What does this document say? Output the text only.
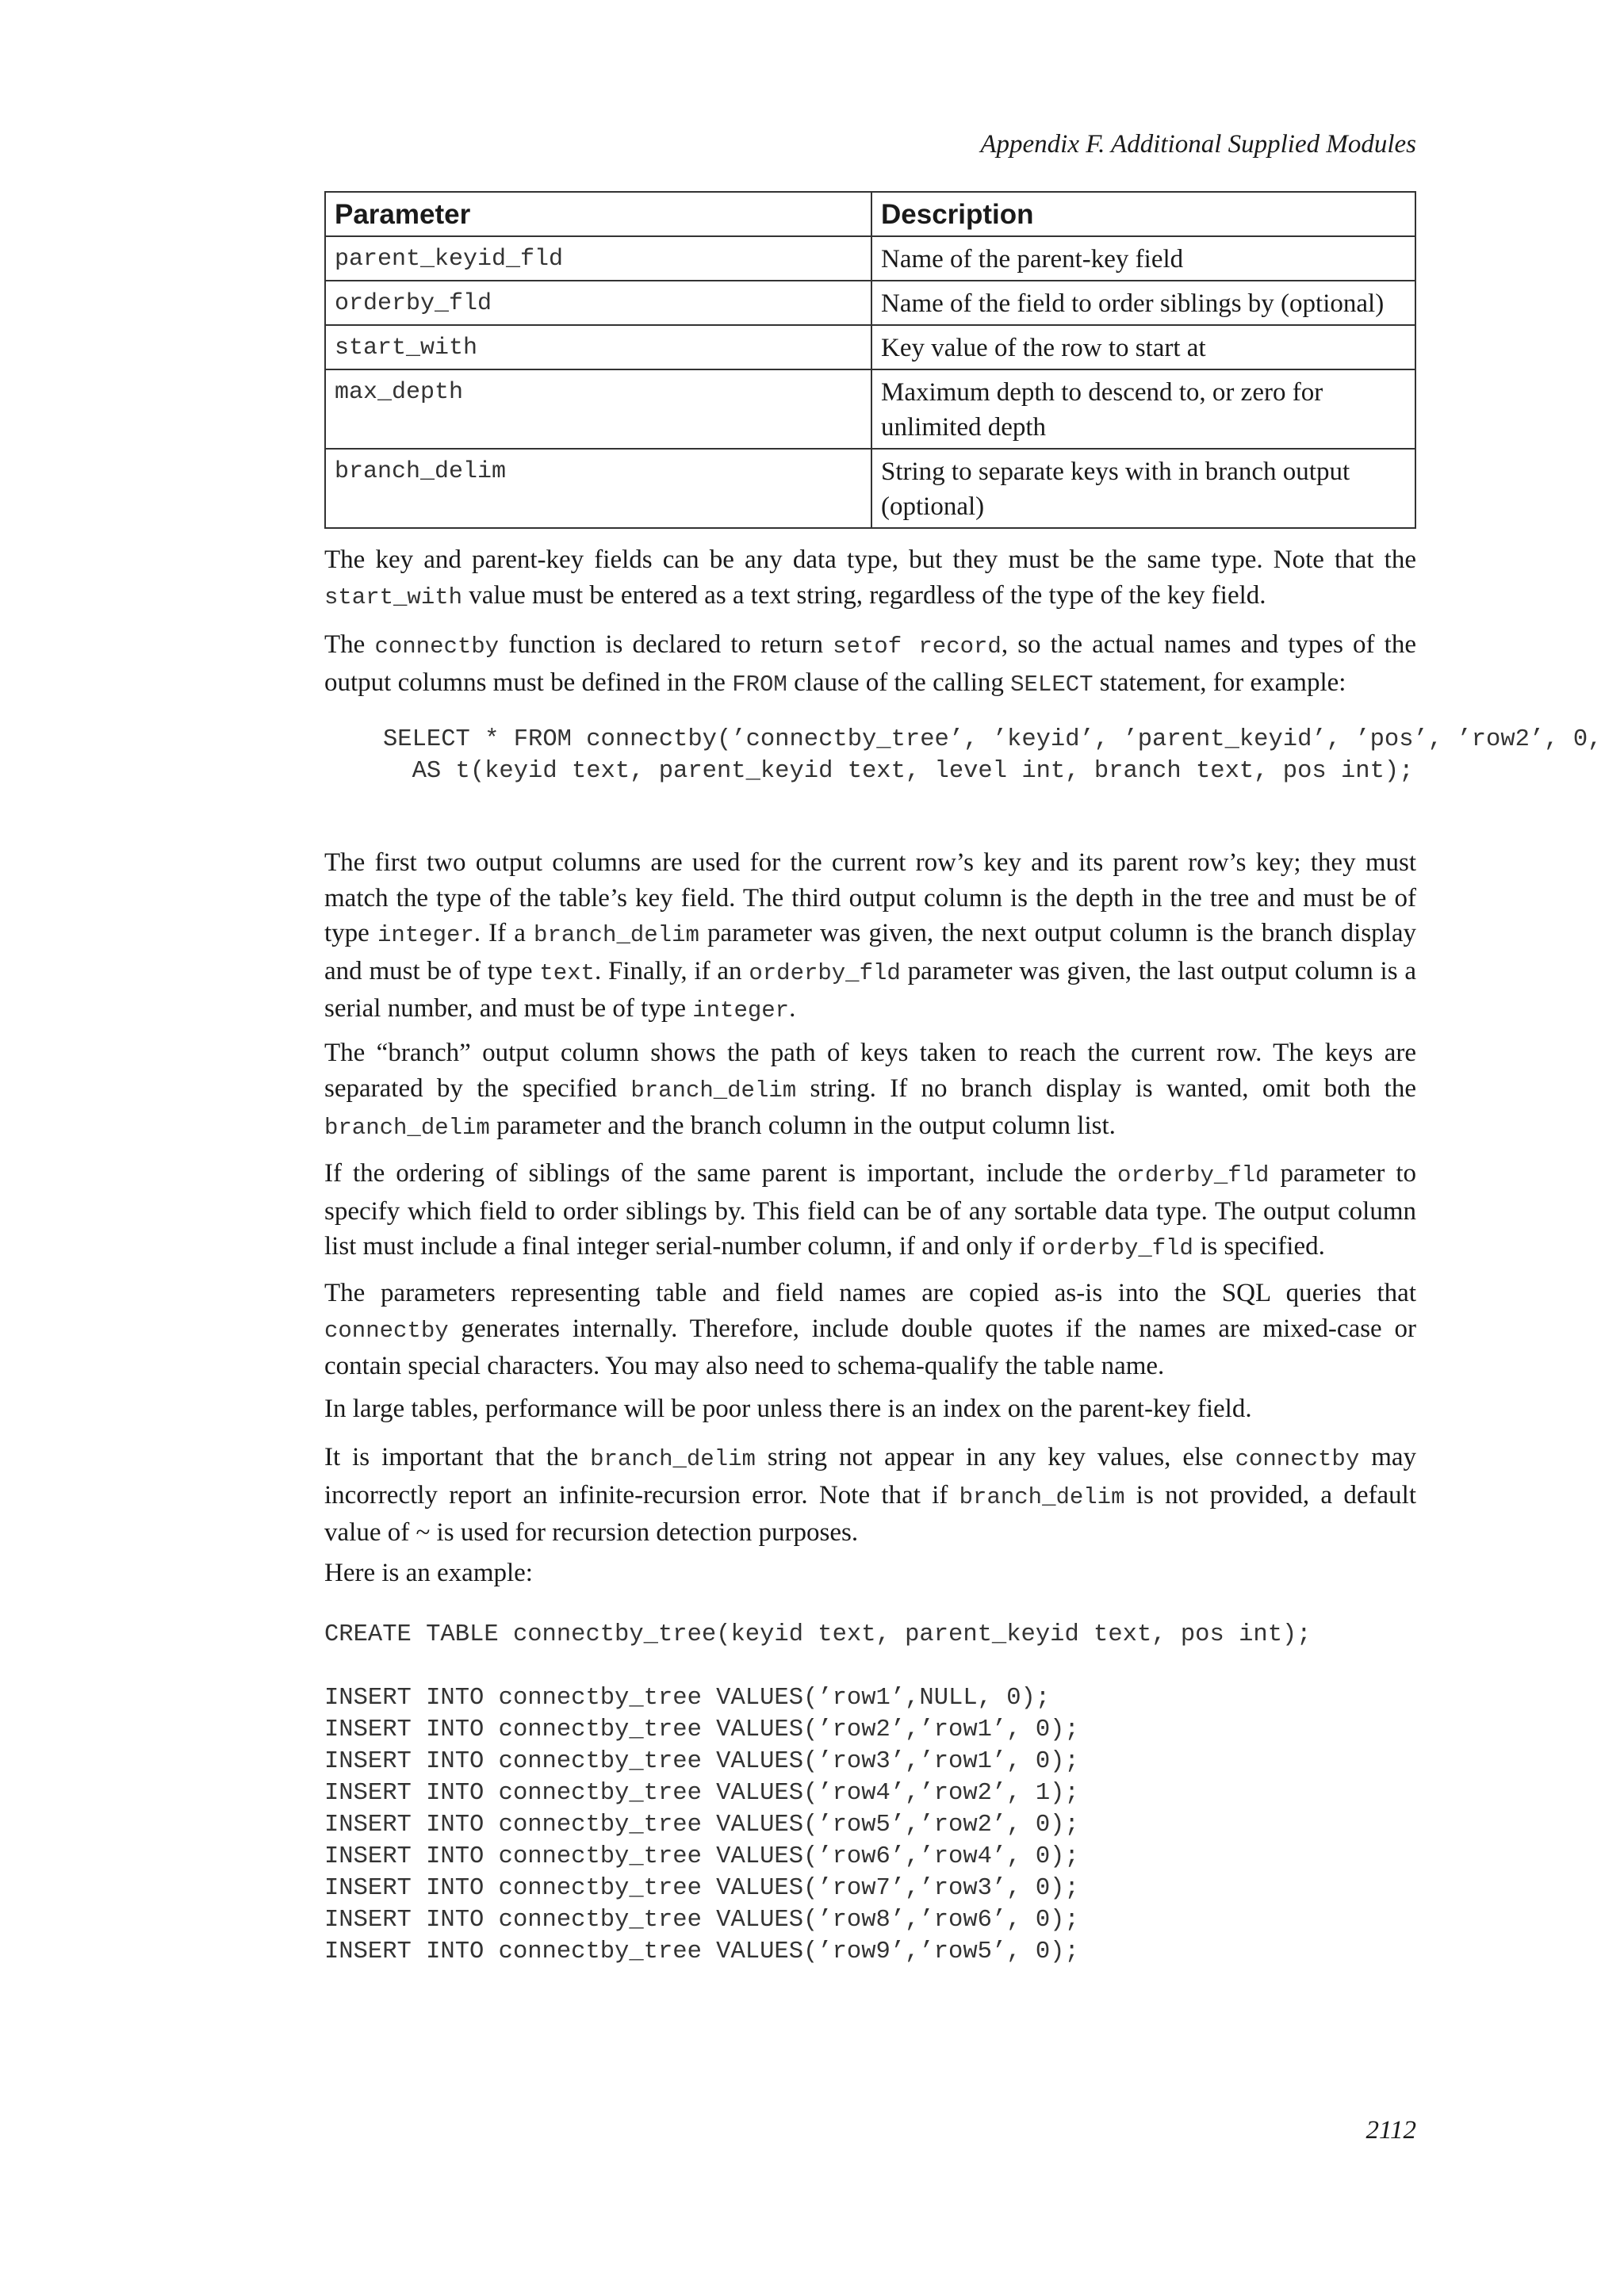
Appendix F. Additional Supplied Modules
Parameter	Description
parent_keyid_fld	Name of the parent-key field
orderby_fld	Name of the field to order siblings by (optional)
start_with	Key value of the row to start at
max_depth	Maximum depth to descend to, or zero for unlimited depth
branch_delim	String to separate keys with in branch output (optional)

The key and parent-key fields can be any data type, but they must be the same type. Note that the start_with value must be entered as a text string, regardless of the type of the key field.

The connectby function is declared to return setof record, so the actual names and types of the output columns must be defined in the FROM clause of the calling SELECT statement, for example:

SELECT * FROM connectby(’connectby_tree’, ’keyid’, ’parent_keyid’, ’pos’, ’row2’, 0,
AS t(keyid text, parent_keyid text, level int, branch text, pos int);

The first two output columns are used for the current row’s key and its parent row’s key; they must match the type of the table’s key field. The third output column is the depth in the tree and must be of type integer. If a branch_delim parameter was given, the next output column is the branch display and must be of type text. Finally, if an orderby_fld parameter was given, the last output column is a serial number, and must be of type integer.

The “branch” output column shows the path of keys taken to reach the current row. The keys are separated by the specified branch_delim string. If no branch display is wanted, omit both the branch_delim parameter and the branch column in the output column list.

If the ordering of siblings of the same parent is important, include the orderby_fld parameter to specify which field to order siblings by. This field can be of any sortable data type. The output column list must include a final integer serial-number column, if and only if orderby_fld is specified.

The parameters representing table and field names are copied as-is into the SQL queries that connectby generates internally. Therefore, include double quotes if the names are mixed-case or contain special characters. You may also need to schema-qualify the table name.

In large tables, performance will be poor unless there is an index on the parent-key field.

It is important that the branch_delim string not appear in any key values, else connectby may incorrectly report an infinite-recursion error. Note that if branch_delim is not provided, a default value of ~ is used for recursion detection purposes.

Here is an example:

CREATE TABLE connectby_tree(keyid text, parent_keyid text, pos int);

INSERT INTO connectby_tree VALUES(’row1’,NULL, 0);
INSERT INTO connectby_tree VALUES(’row2’,’row1’, 0);
INSERT INTO connectby_tree VALUES(’row3’,’row1’, 0);
INSERT INTO connectby_tree VALUES(’row4’,’row2’, 1);
INSERT INTO connectby_tree VALUES(’row5’,’row2’, 0);
INSERT INTO connectby_tree VALUES(’row6’,’row4’, 0);
INSERT INTO connectby_tree VALUES(’row7’,’row3’, 0);
INSERT INTO connectby_tree VALUES(’row8’,’row6’, 0);
INSERT INTO connectby_tree VALUES(’row9’,’row5’, 0);
2112
